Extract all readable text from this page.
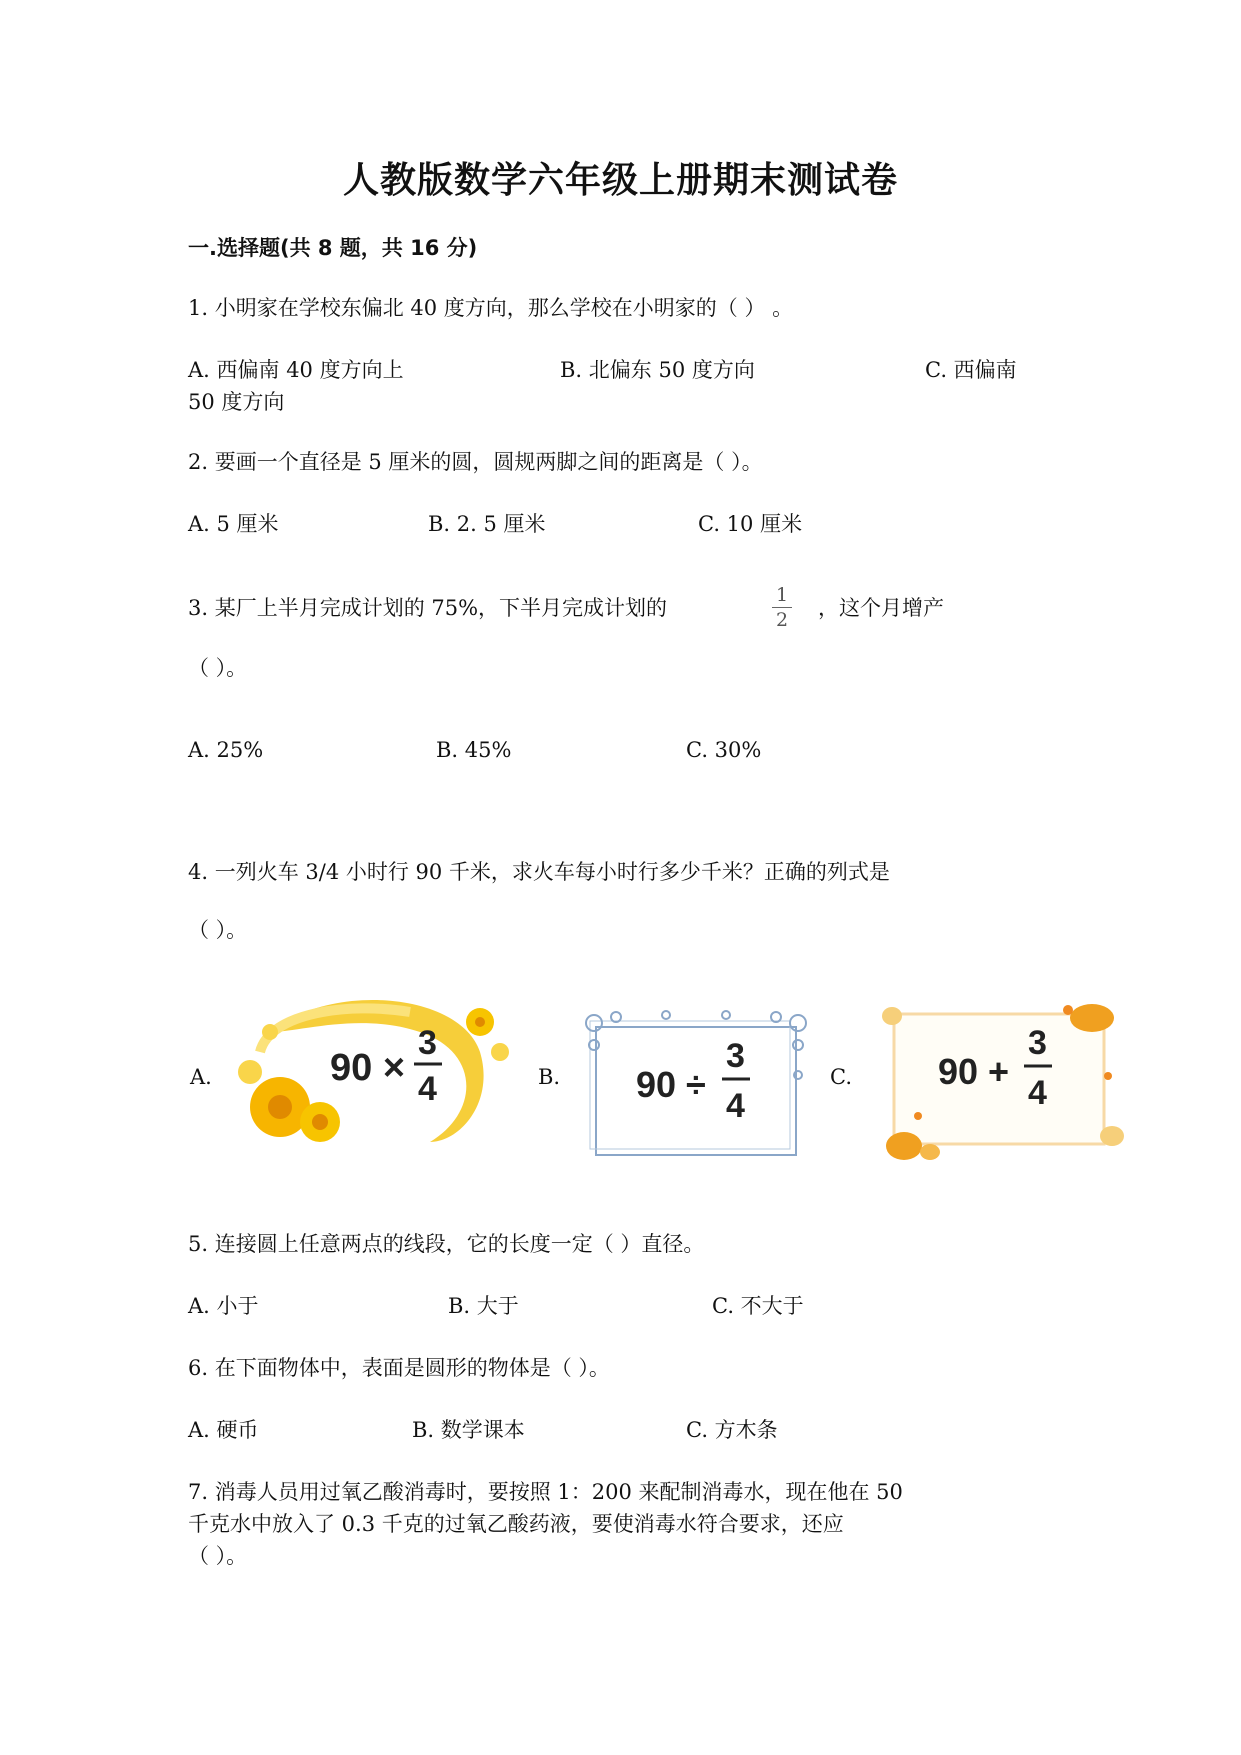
人教版数学六年级上册期末测试卷
一.选择题(共 8 题，共 16 分)
1. 小明家在学校东偏北 40 度方向，那么学校在小明家的（ ） 。
A. 西偏南 40 度方向上	B. 北偏东 50 度方向	C. 西偏南
50 度方向
2. 要画一个直径是 5 厘米的圆，圆规两脚之间的距离是（ ）。
A. 5 厘米	B. 2. 5 厘米	C. 10 厘米
3. 某厂上半月完成计划的 75%，下半月完成计划的
1
2 ，这个月增产
（ ）。
A. 25%	B. 45%	C. 30%
4. 一列火车 3/4 小时行 90 千米，求火车每小时行多少千米？正确的列式是
（ ）。
A.	B.	C.
90 ×
3
4	90 ÷
3
4
90 +
3
4
5. 连接圆上任意两点的线段，它的长度一定（ ）直径。
A. 小于	B. 大于	C. 不大于
6. 在下面物体中，表面是圆形的物体是（ ）。
A. 硬币	B. 数学课本	C. 方木条
7. 消毒人员用过氧乙酸消毒时，要按照 1：200 来配制消毒水，现在他在 50
千克水中放入了 0.3 千克的过氧乙酸药液，要使消毒水符合要求，还应
（ ）。
